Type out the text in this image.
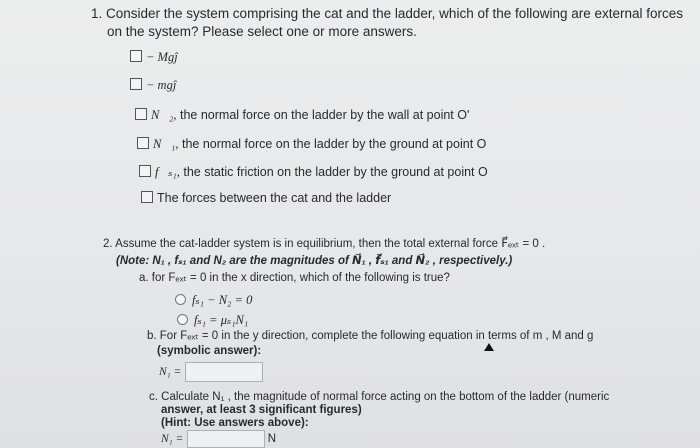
1. Consider the system comprising the cat and the ladder, which of the following are external forces
on the system? Please select one or more answers.
− Mgĵ
− mgĵ
N⃗₂, the normal force on the ladder by the wall at point O'
N⃗₁, the normal force on the ladder by the ground at point O
f⃗ₛ₁, the static friction on the ladder by the ground at point O
The forces between the cat and the ladder
2. Assume the cat-ladder system is in equilibrium, then the total external force F⃗ₑₓₜ = 0 .
(Note: N₁ , fₛ₁ and N₂ are the magnitudes of N⃗₁ , f⃗ₛ₁ and N⃗₂ , respectively.)
a. for Fₑₓₜ = 0 in the x direction, which of the following is true?
fₛ₁ − N₂ = 0
fₛ₁ = μₛ₁N₁
b. For Fₑₓₜ = 0 in the y direction, complete the following equation in terms of m , M and g
(symbolic answer):
N₁ =
c. Calculate N₁ , the magnitude of normal force acting on the bottom of the ladder (numeric
answer, at least 3 significant figures)
(Hint: Use answers above):
N₁ =	N
